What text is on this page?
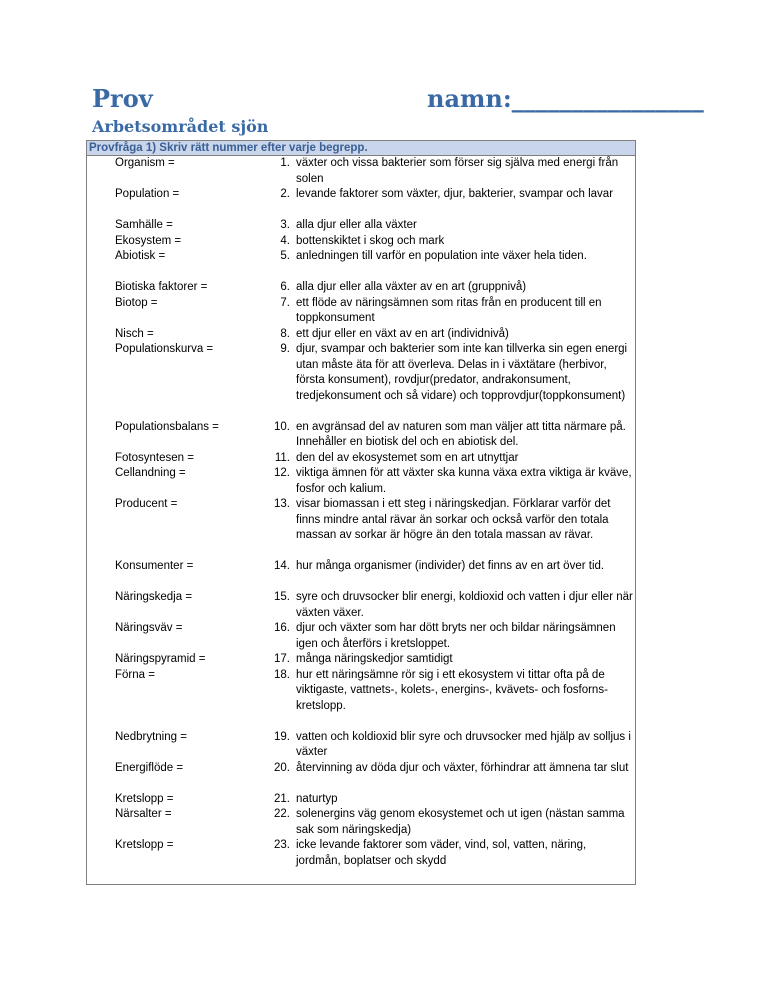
Prov	namn:________________
Arbetsområdet sjön
Provfråga 1) Skriv rätt nummer efter varje begrepp.
Organism =
Population =
Samhälle =
Ekosystem =
Abiotisk =
Biotiska faktorer =
Biotop =
Nisch =
Populationskurva =
Populationsbalans =
Fotosyntesen =
Cellandning =
Producent =
Konsumenter =
Näringskedja =
Näringsväv =
Näringspyramid =
Förna =
Nedbrytning =
Energiflöde =
Kretslopp =
Närsalter =
Kretslopp =
1. växter och vissa bakterier som förser sig själva med energi från solen
2. levande faktorer som växter, djur, bakterier, svampar och lavar
3. alla djur eller alla växter
4. bottenskiktet i skog och mark
5. anledningen till varför en population inte växer hela tiden.
6. alla djur eller alla växter av en art (gruppnivå)
7. ett flöde av näringsämnen som ritas från en producent till en toppkonsument
8. ett djur eller en växt av en art (individnivå)
9. djur, svampar och bakterier som inte kan tillverka sin egen energi utan måste äta för att överleva. Delas in i växtätare (herbivor, första konsument), rovdjur(predator, andrakonsument, tredjekonsument och så vidare) och topprovdjur(toppkonsument)
10. en avgränsad del av naturen som man väljer att titta närmare på. Innehåller en biotisk del och en abiotisk del.
11. den del av ekosystemet som en art utnyttjar
12. viktiga ämnen för att växter ska kunna växa extra viktiga är kväve, fosfor och kalium.
13. visar biomassan i ett steg i näringskedjan. Förklarar varför det finns mindre antal rävar än sorkar och också varför den totala massan av sorkar är högre än den totala massan av rävar.
14. hur många organismer (individer) det finns av en art över tid.
15. syre och druvsocker blir energi, koldioxid och vatten i djur eller när växten växer.
16. djur och växter som har dött bryts ner och bildar näringsämnen igen och återförs i kretsloppet.
17. många näringskedjor samtidigt
18. hur ett näringsämne rör sig i ett ekosystem vi tittar ofta på de viktigaste, vattnets-, kolets-, energins-, kvävets- och fosforns- kretslopp.
19. vatten och koldioxid blir syre och druvsocker med hjälp av solljus i växter
20. återvinning av döda djur och växter, förhindrar att ämnena tar slut
21. naturtyp
22. solenergins väg genom ekosystemet och ut igen (nästan samma sak som näringskedja)
23. icke levande faktorer som väder, vind, sol, vatten, näring, jordmån, boplatser och skydd
